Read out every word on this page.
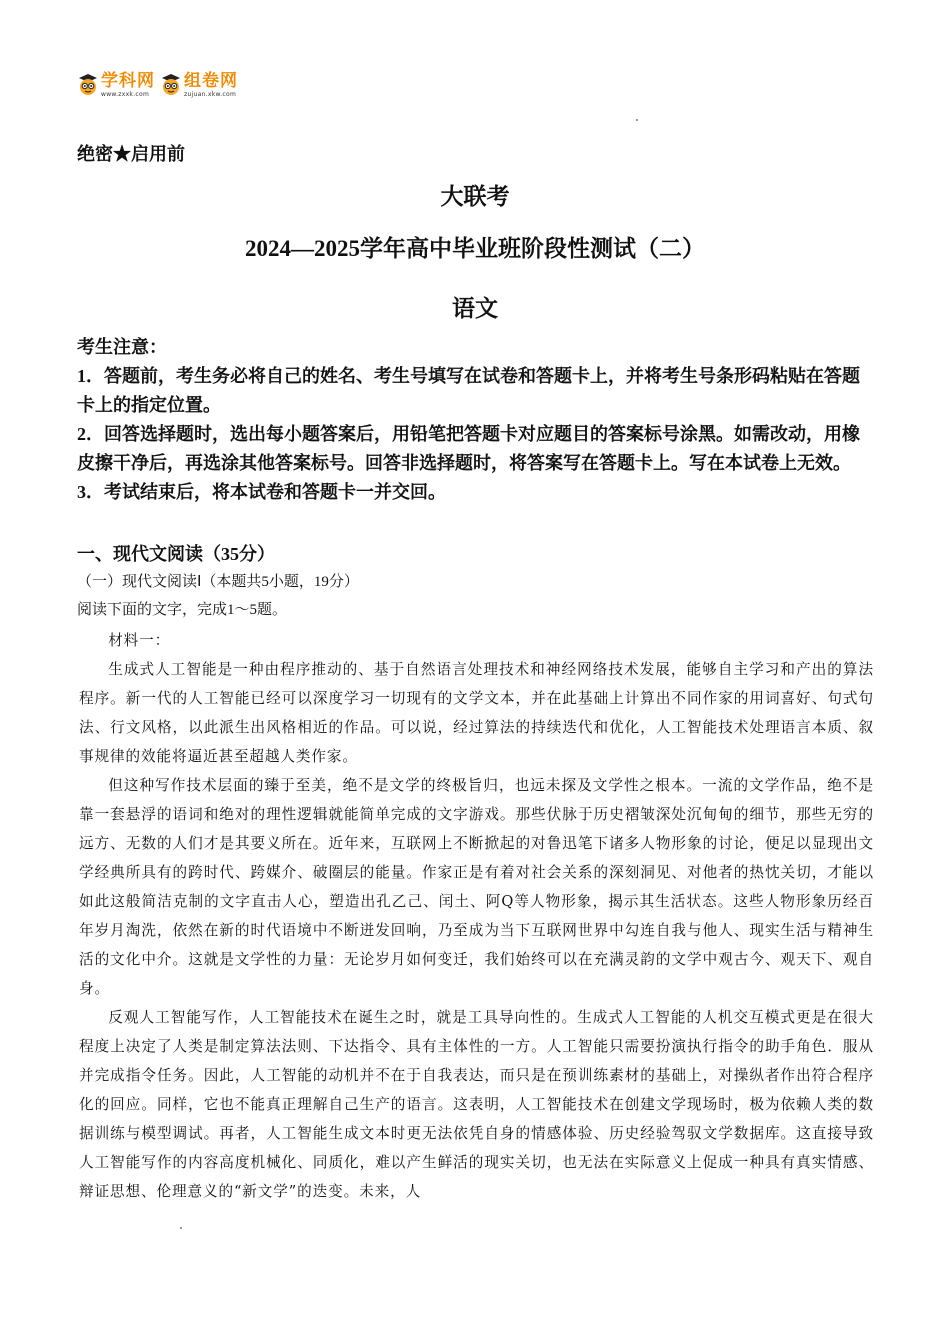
学科网
www.zxxk.com
组卷网
zujuan.xkw.com
绝密★启用前
大联考
2024—2025学年高中毕业班阶段性测试（二）
语文

考生注意：

1．答题前，考生务必将自己的姓名、考生号填写在试卷和答题卡上，并将考生号条形码粘贴在答题卡上的指定位置。

2．回答选择题时，选出每小题答案后，用铅笔把答题卡对应题目的答案标号涂黑。如需改动，用橡皮擦干净后，再选涂其他答案标号。回答非选择题时，将答案写在答题卡上。写在本试卷上无效。

3．考试结束后，将本试卷和答题卡一并交回。

一、现代文阅读（35分）
（一）现代文阅读Ⅰ（本题共5小题，19分）
阅读下面的文字，完成1～5题。
材料一：

生成式人工智能是一种由程序推动的、基于自然语言处理技术和神经网络技术发展，能够自主学习和产出的算法程序。新一代的人工智能已经可以深度学习一切现有的文学文本，并在此基础上计算出不同作家的用词喜好、句式句法、行文风格，以此派生出风格相近的作品。可以说，经过算法的持续迭代和优化，人工智能技术处理语言本质、叙事规律的效能将逼近甚至超越人类作家。

但这种写作技术层面的臻于至美，绝不是文学的终极旨归，也远未探及文学性之根本。一流的文学作品，绝不是靠一套悬浮的语词和绝对的理性逻辑就能简单完成的文字游戏。那些伏脉于历史褶皱深处沉甸甸的细节，那些无穷的远方、无数的人们才是其要义所在。近年来，互联网上不断掀起的对鲁迅笔下诸多人物形象的讨论，便足以显现出文学经典所具有的跨时代、跨媒介、破圈层的能量。作家正是有着对社会关系的深刻洞见、对他者的热忱关切，才能以如此这般简洁克制的文字直击人心，塑造出孔乙己、闰土、阿Q等人物形象，揭示其生活状态。这些人物形象历经百年岁月淘洗，依然在新的时代语境中不断迸发回响，乃至成为当下互联网世界中勾连自我与他人、现实生活与精神生活的文化中介。这就是文学性的力量：无论岁月如何变迁，我们始终可以在充满灵韵的文学中观古今、观天下、观自身。

反观人工智能写作，人工智能技术在诞生之时，就是工具导向性的。生成式人工智能的人机交互模式更是在很大程度上决定了人类是制定算法法则、下达指令、具有主体性的一方。人工智能只需要扮演执行指令的助手角色．服从并完成指令任务。因此，人工智能的动机并不在于自我表达，而只是在预训练素材的基础上，对操纵者作出符合程序化的回应。同样，它也不能真正理解自己生产的语言。这表明，人工智能技术在创建文学现场时，极为依赖人类的数据训练与模型调试。再者，人工智能生成文本时更无法依凭自身的情感体验、历史经验驾驭文学数据库。这直接导致人工智能写作的内容高度机械化、同质化，难以产生鲜活的现实关切，也无法在实际意义上促成一种具有真实情感、辩证思想、伦理意义的“新文学”的迭变。未来，人
